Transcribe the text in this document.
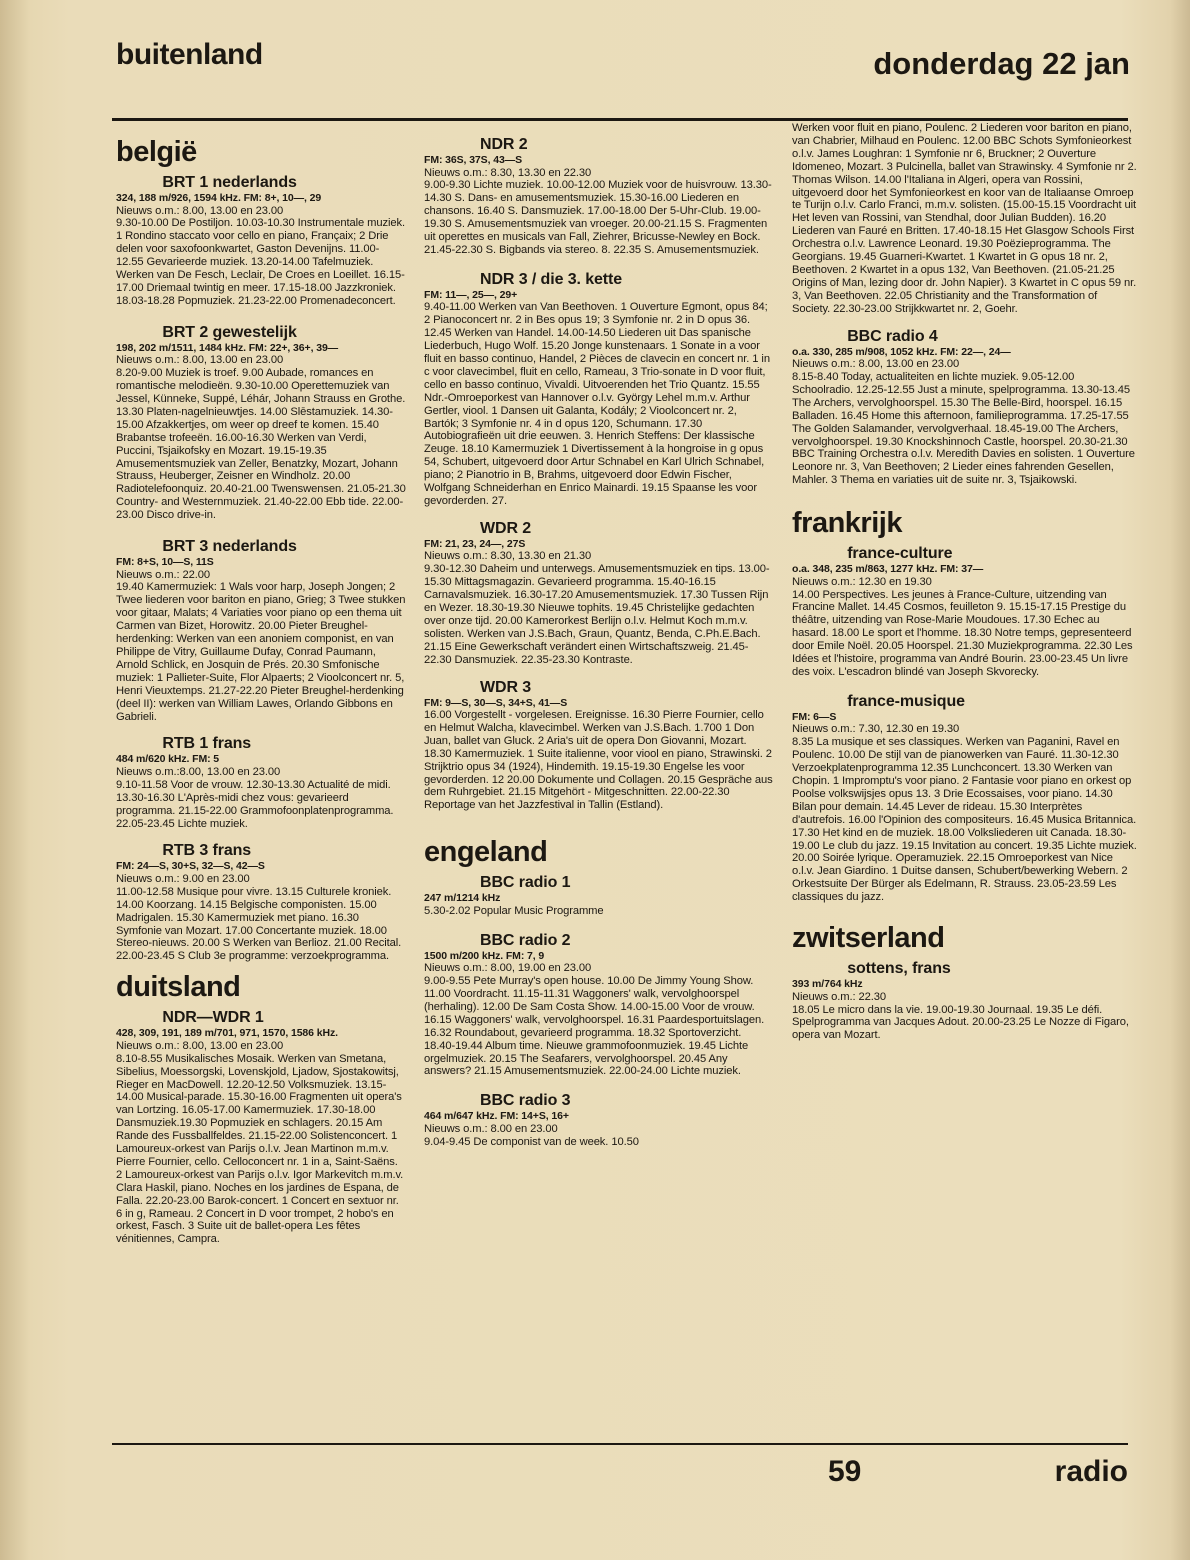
buitenland	donderdag 22 jan
belgië
BRT 1 nederlands
324, 188 m/926, 1594 kHz. FM: 8+, 10—, 29
Nieuws o.m.: 8.00, 13.00 en 23.00

9.30-10.00 De Postiljon. 10.03-10.30 Instrumentale muziek. 1 Rondino staccato voor cello en piano, Françaix; 2 Drie delen voor saxofoonkwartet, Gaston Devenijns. 11.00-12.55 Gevarieerde muziek. 13.20-14.00 Tafelmuziek. Werken van De Fesch, Leclair, De Croes en Loeillet. 16.15-17.00 Driemaal twintig en meer. 17.15-18.00 Jazzkroniek. 18.03-18.28 Popmuziek. 21.23-22.00 Promenadeconcert.

BRT 2 gewestelijk
198, 202 m/1511, 1484 kHz. FM: 22+, 36+, 39—
Nieuws o.m.: 8.00, 13.00 en 23.00

8.20-9.00 Muziek is troef. 9.00 Aubade, romances en romantische melodieën. 9.30-10.00 Operettemuziek van Jessel, Künneke, Suppé, Léhár, Johann Strauss en Grothe. 13.30 Platen-nagelnieuwtjes. 14.00 Slēstamuziek. 14.30-15.00 Afzakkertjes, om weer op dreef te komen. 15.40 Brabantse trofeeën. 16.00-16.30 Werken van Verdi, Puccini, Tsjaikofsky en Mozart. 19.15-19.35 Amusementsmuziek van Zeller, Benatzky, Mozart, Johann Strauss, Heuberger, Zeisner en Windholz. 20.00 Radiotelefoonquiz. 20.40-21.00 Twenswensen. 21.05-21.30 Country- and Westernmuziek. 21.40-22.00 Ebb tide. 22.00-23.00 Disco drive-in.

BRT 3 nederlands
FM: 8+S, 10—S, 11S
Nieuws o.m.: 22.00

19.40 Kamermuziek: 1 Wals voor harp, Joseph Jongen; 2 Twee liederen voor bariton en piano, Grieg; 3 Twee stukken voor gitaar, Malats; 4 Variaties voor piano op een thema uit Carmen van Bizet, Horowitz. 20.00 Pieter Breughel-herdenking: Werken van een anoniem componist, en van Philippe de Vitry, Guillaume Dufay, Conrad Paumann, Arnold Schlick, en Josquin de Prés. 20.30 Smfonische muziek: 1 Pallieter-Suite, Flor Alpaerts; 2 Vioolconcert nr. 5, Henri Vieuxtemps. 21.27-22.20 Pieter Breughel-herdenking (deel II): werken van William Lawes, Orlando Gibbons en Gabrieli.

RTB 1 frans
484 m/620 kHz. FM: 5
Nieuws o.m.:8.00, 13.00 en 23.00

9.10-11.58 Voor de vrouw. 12.30-13.30 Actualité de midi. 13.30-16.30 L'Après-midi chez vous: gevarieerd programma. 21.15-22.00 Grammofoonplatenprogramma. 22.05-23.45 Lichte muziek.

RTB 3 frans
FM: 24—S, 30+S, 32—S, 42—S
Nieuws o.m.: 9.00 en 23.00

11.00-12.58 Musique pour vivre. 13.15 Culturele kroniek. 14.00 Koorzang. 14.15 Belgische componisten. 15.00 Madrigalen. 15.30 Kamermuziek met piano. 16.30 Symfonie van Mozart. 17.00 Concertante muziek. 18.00 Stereo-nieuws. 20.00 S Werken van Berlioz. 21.00 Recital. 22.00-23.45 S Club 3e programme: verzoekprogramma.

duitsland
NDR—WDR 1
428, 309, 191, 189 m/701, 971, 1570, 1586 kHz.
Nieuws o.m.: 8.00, 13.00 en 23.00

8.10-8.55 Musikalisches Mosaik. Werken van Smetana, Sibelius, Moessorgski, Lovenskjold, Ljadow, Sjostakowitsj, Rieger en MacDowell. 12.20-12.50 Volksmuziek. 13.15-14.00 Musical-parade. 15.30-16.00 Fragmenten uit opera's van Lortzing. 16.05-17.00 Kamermuziek. 17.30-18.00 Dansmuziek.19.30 Popmuziek en schlagers. 20.15 Am Rande des Fussballfeldes. 21.15-22.00 Solistenconcert. 1 Lamoureux-orkest van Parijs o.l.v. Jean Martinon m.m.v. Pierre Fournier, cello. Celloconcert nr. 1 in a, Saint-Saëns. 2 Lamoureux-orkest van Parijs o.l.v. Igor Markevitch m.m.v. Clara Haskil, piano. Noches en los jardines de Espana, de Falla. 22.20-23.00 Barok-concert. 1 Concert en sextuor nr. 6 in g, Rameau. 2 Concert in D voor trompet, 2 hobo's en orkest, Fasch. 3 Suite uit de ballet-opera Les fêtes vénitiennes, Campra.

NDR 2
FM: 36S, 37S, 43—S
Nieuws o.m.: 8.30, 13.30 en 22.30

9.00-9.30 Lichte muziek. 10.00-12.00 Muziek voor de huisvrouw. 13.30-14.30 S. Dans- en amusementsmuziek. 15.30-16.00 Liederen en chansons. 16.40 S. Dansmuziek. 17.00-18.00 Der 5-Uhr-Club. 19.00-19.30 S. Amusementsmuziek van vroeger. 20.00-21.15 S. Fragmenten uit operettes en musicals van Fall, Ziehrer, Bricusse-Newley en Bock. 21.45-22.30 S. Bigbands via stereo. 8. 22.35 S. Amusementsmuziek.

NDR 3 / die 3. kette
FM: 11—, 25—, 29+

9.40-11.00 Werken van Van Beethoven. 1 Ouverture Egmont, opus 84; 2 Pianoconcert nr. 2 in Bes opus 19; 3 Symfonie nr. 2 in D opus 36. 12.45 Werken van Handel. 14.00-14.50 Liederen uit Das spanische Liederbuch, Hugo Wolf. 15.20 Jonge kunstenaars. 1 Sonate in a voor fluit en basso continuo, Handel, 2 Pièces de clavecin en concert nr. 1 in c voor clavecimbel, fluit en cello, Rameau, 3 Trio-sonate in D voor fluit, cello en basso continuo, Vivaldi. Uitvoerenden het Trio Quantz. 15.55 Ndr.-Omroeporkest van Hannover o.l.v. György Lehel m.m.v. Arthur Gertler, viool. 1 Dansen uit Galanta, Kodály; 2 Vioolconcert nr. 2, Bartók; 3 Symfonie nr. 4 in d opus 120, Schumann. 17.30 Autobiografieën uit drie eeuwen. 3. Henrich Steffens: Der klassische Zeuge. 18.10 Kamermuziek 1 Divertissement à la hongroise in g opus 54, Schubert, uitgevoerd door Artur Schnabel en Karl Ulrich Schnabel, piano; 2 Pianotrio in B, Brahms, uitgevoerd door Edwin Fischer, Wolfgang Schneiderhan en Enrico Mainardi. 19.15 Spaanse les voor gevorderden. 27.

WDR 2
FM: 21, 23, 24—, 27S
Nieuws o.m.: 8.30, 13.30 en 21.30

9.30-12.30 Daheim und unterwegs. Amusementsmuziek en tips. 13.00-15.30 Mittagsmagazin. Gevarieerd programma. 15.40-16.15 Carnavalsmuziek. 16.30-17.20 Amusementsmuziek. 17.30 Tussen Rijn en Wezer. 18.30-19.30 Nieuwe tophits. 19.45 Christelijke gedachten over onze tijd. 20.00 Kamerorkest Berlijn o.l.v. Helmut Koch m.m.v. solisten. Werken van J.S.Bach, Graun, Quantz, Benda, C.Ph.E.Bach. 21.15 Eine Gewerkschaft verändert einen Wirtschaftszweig. 21.45-22.30 Dansmuziek. 22.35-23.30 Kontraste.

WDR 3
FM: 9—S, 30—S, 34+S, 41—S

16.00 Vorgestellt - vorgelesen. Ereignisse. 16.30 Pierre Fournier, cello en Helmut Walcha, klavecimbel. Werken van J.S.Bach. 1.700 1 Don Juan, ballet van Gluck. 2 Aria's uit de opera Don Giovanni, Mozart. 18.30 Kamermuziek. 1 Suite italienne, voor viool en piano, Strawinski. 2 Strijktrio opus 34 (1924), Hindemith. 19.15-19.30 Engelse les voor gevorderden. 12 20.00 Dokumente und Collagen. 20.15 Gespräche aus dem Ruhrgebiet. 21.15 Mitgehört - Mitgeschnitten. 22.00-22.30 Reportage van het Jazzfestival in Tallin (Estland).

engeland
BBC radio 1
247 m/1214 kHz

5.30-2.02 Popular Music Programme

BBC radio 2
1500 m/200 kHz. FM: 7, 9
Nieuws o.m.: 8.00, 19.00 en 23.00

9.00-9.55 Pete Murray's open house. 10.00 De Jimmy Young Show. 11.00 Voordracht. 11.15-11.31 Waggoners' walk, vervolghoorspel (herhaling). 12.00 De Sam Costa Show. 14.00-15.00 Voor de vrouw. 16.15 Waggoners' walk, vervolghoorspel. 16.31 Paardesportuitslagen. 16.32 Roundabout, gevarieerd programma. 18.32 Sportoverzicht. 18.40-19.44 Album time. Nieuwe grammofoonmuziek. 19.45 Lichte orgelmuziek. 20.15 The Seafarers, vervolghoorspel. 20.45 Any answers? 21.15 Amusementsmuziek. 22.00-24.00 Lichte muziek.

BBC radio 3
464 m/647 kHz. FM: 14+S, 16+
Nieuws o.m.: 8.00 en 23.00

9.04-9.45 De componist van de week. 10.50

Werken voor fluit en piano, Poulenc. 2 Liederen voor bariton en piano, van Chabrier, Milhaud en Poulenc. 12.00 BBC Schots Symfonieorkest o.l.v. James Loughran: 1 Symfonie nr 6, Bruckner; 2 Ouverture Idomeneo, Mozart. 3 Pulcinella, ballet van Strawinsky. 4 Symfonie nr 2. Thomas Wilson. 14.00 l'Italiana in Algeri, opera van Rossini, uitgevoerd door het Symfonieorkest en koor van de Italiaanse Omroep te Turijn o.l.v. Carlo Franci, m.m.v. solisten. (15.00-15.15 Voordracht uit Het leven van Rossini, van Stendhal, door Julian Budden). 16.20 Liederen van Fauré en Britten. 17.40-18.15 Het Glasgow Schools First Orchestra o.l.v. Lawrence Leonard. 19.30 Poëzieprogramma. The Georgians. 19.45 Guarneri-Kwartet. 1 Kwartet in G opus 18 nr. 2, Beethoven. 2 Kwartet in a opus 132, Van Beethoven. (21.05-21.25 Origins of Man, lezing door dr. John Napier). 3 Kwartet in C opus 59 nr. 3, Van Beethoven. 22.05 Christianity and the Transformation of Society. 22.30-23.00 Strijkkwartet nr. 2, Goehr.

BBC radio 4
o.a. 330, 285 m/908, 1052 kHz. FM: 22—, 24—
Nieuws o.m.: 8.00, 13.00 en 23.00

8.15-8.40 Today, actualiteiten en lichte muziek. 9.05-12.00 Schoolradio. 12.25-12.55 Just a minute, spelprogramma. 13.30-13.45 The Archers, vervolghoorspel. 15.30 The Belle-Bird, hoorspel. 16.15 Balladen. 16.45 Home this afternoon, familieprogramma. 17.25-17.55 The Golden Salamander, vervolgverhaal. 18.45-19.00 The Archers, vervolghoorspel. 19.30 Knockshinnoch Castle, hoorspel. 20.30-21.30 BBC Training Orchestra o.l.v. Meredith Davies en solisten. 1 Ouverture Leonore nr. 3, Van Beethoven; 2 Lieder eines fahrenden Gesellen, Mahler. 3 Thema en variaties uit de suite nr. 3, Tsjaikowski.

frankrijk
france-culture
o.a. 348, 235 m/863, 1277 kHz. FM: 37—
Nieuws o.m.: 12.30 en 19.30

14.00 Perspectives. Les jeunes à France-Culture, uitzending van Francine Mallet. 14.45 Cosmos, feuilleton 9. 15.15-17.15 Prestige du théâtre, uitzending van Rose-Marie Moudoues. 17.30 Echec au hasard. 18.00 Le sport et l'homme. 18.30 Notre temps, gepresenteerd door Emile Noël. 20.05 Hoorspel. 21.30 Muziekprogramma. 22.30 Les Idées et l'histoire, programma van André Bourin. 23.00-23.45 Un livre des voix. L'escadron blindé van Joseph Skvorecky.

france-musique
FM: 6—S
Nieuws o.m.: 7.30, 12.30 en 19.30

8.35 La musique et ses classiques. Werken van Paganini, Ravel en Poulenc. 10.00 De stijl van de pianowerken van Fauré. 11.30-12.30 Verzoekplatenprogramma 12.35 Lunchconcert. 13.30 Werken van Chopin. 1 Impromptu's voor piano. 2 Fantasie voor piano en orkest op Poolse volkswijsjes opus 13. 3 Drie Ecossaises, voor piano. 14.30 Bilan pour demain. 14.45 Lever de rideau. 15.30 Interprètes d'autrefois. 16.00 l'Opinion des compositeurs. 16.45 Musica Britannica. 17.30 Het kind en de muziek. 18.00 Volksliederen uit Canada. 18.30-19.00 Le club du jazz. 19.15 Invitation au concert. 19.35 Lichte muziek. 20.00 Soirée lyrique. Operamuziek. 22.15 Omroeporkest van Nice o.l.v. Jean Giardino. 1 Duitse dansen, Schubert/bewerking Webern. 2 Orkestsuite Der Bürger als Edelmann, R. Strauss. 23.05-23.59 Les classiques du jazz.

zwitserland
sottens, frans
393 m/764 kHz
Nieuws o.m.: 22.30

18.05 Le micro dans la vie. 19.00-19.30 Journaal. 19.35 Le défi. Spelprogramma van Jacques Adout. 20.00-23.25 Le Nozze di Figaro, opera van Mozart.

59	radio
